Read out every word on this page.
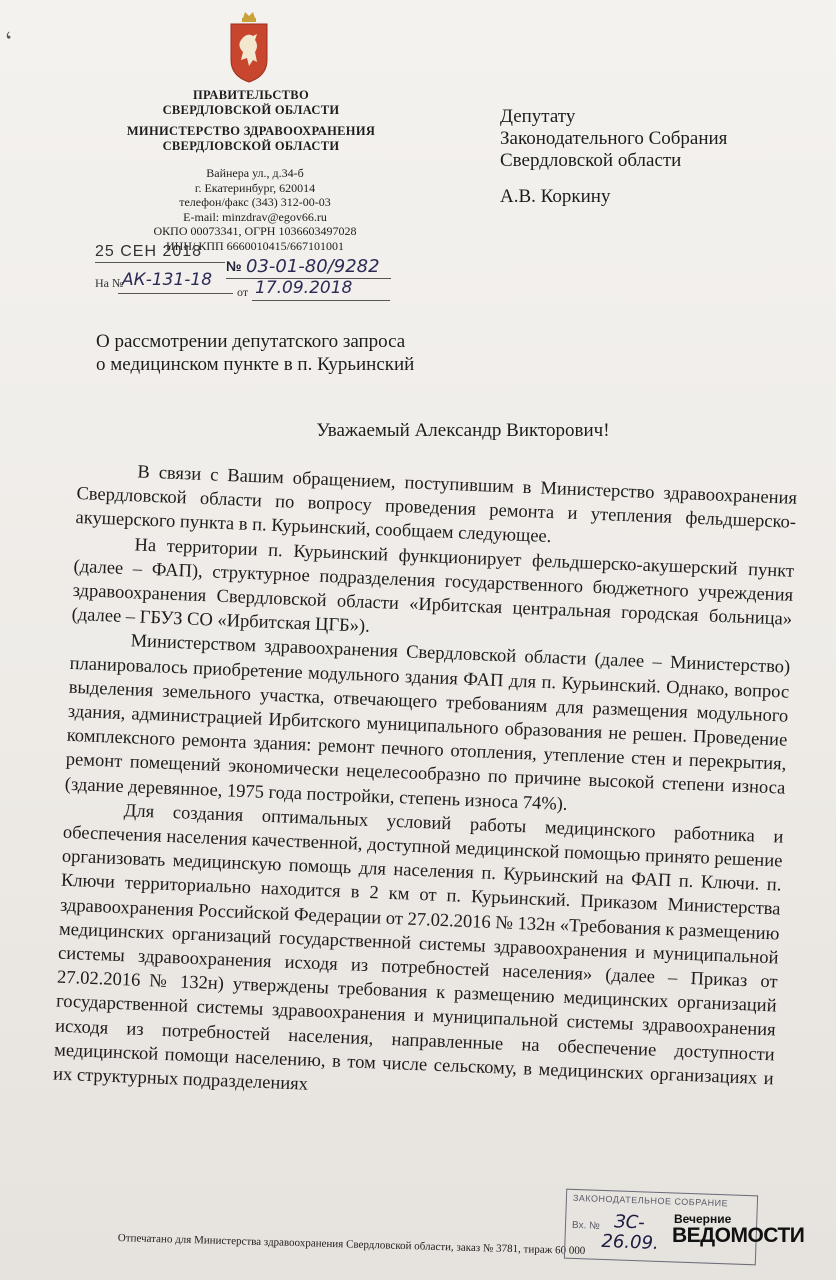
ʻ
ПРАВИТЕЛЬСТВО
СВЕРДЛОВСКОЙ ОБЛАСТИ
МИНИСТЕРСТВО ЗДРАВООХРАНЕНИЯ
СВЕРДЛОВСКОЙ ОБЛАСТИ
Вайнера ул., д.34-б
г. Екатеринбург, 620014
телефон/факс (343) 312-00-03
E-mail: minzdrav@egov66.ru
ОКПО 00073341, ОГРН 1036603497028
ИНН/ КПП 6660010415/667101001
25 СЕН 2018
№ 03-01-80/9282
На №
АК-131-18
от 17.09.2018
Депутату
Законодательного Собрания
Свердловской области
А.В. Коркину
О рассмотрении депутатского запроса
о медицинском пункте в п. Курьинский
Уважаемый Александр Викторович!

В связи с Вашим обращением, поступившим в Министерство здравоохранения Свердловской области по вопросу проведения ремонта и утепления фельдшерско-акушерского пункта в п. Курьинский, сообщаем следующее.

На территории п. Курьинский функционирует фельдшерско-акушерский пункт (далее – ФАП), структурное подразделения государственного бюджетного учреждения здравоохранения Свердловской области «Ирбитская центральная городская больница» (далее – ГБУЗ СО «Ирбитская ЦГБ»).

Министерством здравоохранения Свердловской области (далее – Министерство) планировалось приобретение модульного здания ФАП для п. Курьинский. Однако, вопрос выделения земельного участка, отвечающего требованиям для размещения модульного здания, администрацией Ирбитского муниципального образования не решен. Проведение комплексного ремонта здания: ремонт печного отопления, утепление стен и перекрытия, ремонт помещений экономически нецелесообразно по причине высокой степени износа (здание деревянное, 1975 года постройки, степень износа 74%).

Для создания оптимальных условий работы медицинского работника и обеспечения населения качественной, доступной медицинской помощью принято решение организовать медицинскую помощь для населения п. Курьинский на ФАП п. Ключи. п. Ключи территориально находится в 2 км от п. Курьинский. Приказом Министерства здравоохранения Российской Федерации от 27.02.2016 № 132н «Требования к размещению медицинских организаций государственной системы здравоохранения и муниципальной системы здравоохранения исходя из потребностей населения» (далее – Приказ от 27.02.2016 № 132н) утверждены требования к размещению медицинских организаций государственной системы здравоохранения и муниципальной системы здравоохранения исходя из потребностей населения, направленные на обеспечение доступности медицинской помощи населению, в том числе сельскому, в медицинских организациях и их структурных подразделениях

Отпечатано для Министерства здравоохранения Свердловской области, заказ № 3781, тираж 60 000
ЗАКОНОДАТЕЛЬНОЕ СОБРАНИЕ
Вх. № ЗС-
26.09.
Вечерние
ВЕДОМОСТИ
